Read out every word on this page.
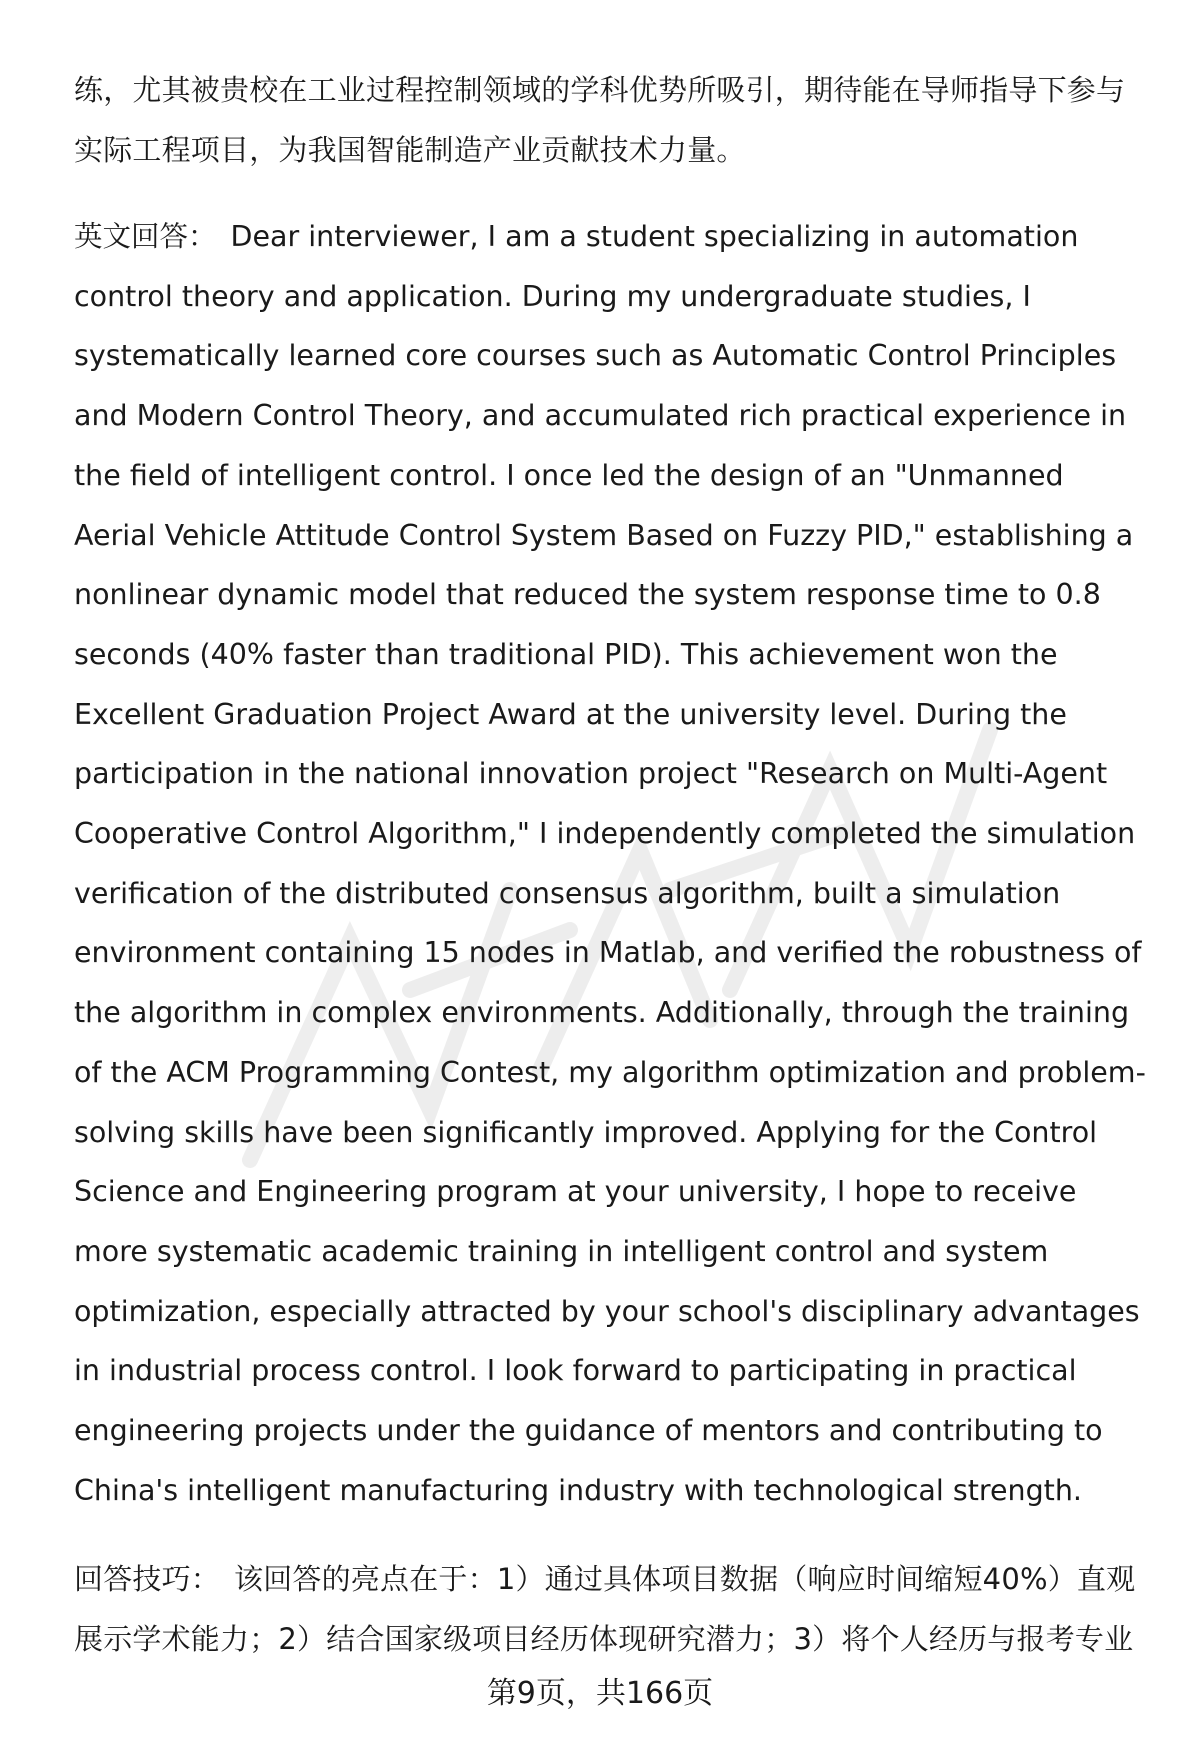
练，尤其被贵校在工业过程控制领域的学科优势所吸引，期待能在导师指导下参与实际工程项目，为我国智能制造产业贡献技术力量。

英文回答： Dear interviewer, I am a student specializing in automation control theory and application. During my undergraduate studies, I systematically learned core courses such as Automatic Control Principles and Modern Control Theory, and accumulated rich practical experience in the field of intelligent control. I once led the design of an "Unmanned Aerial Vehicle Attitude Control System Based on Fuzzy PID," establishing a nonlinear dynamic model that reduced the system response time to 0.8 seconds (40% faster than traditional PID). This achievement won the Excellent Graduation Project Award at the university level. During the participation in the national innovation project "Research on Multi-Agent Cooperative Control Algorithm," I independently completed the simulation verification of the distributed consensus algorithm, built a simulation environment containing 15 nodes in Matlab, and verified the robustness of the algorithm in complex environments. Additionally, through the training of the ACM Programming Contest, my algorithm optimization and problem-solving skills have been significantly improved. Applying for the Control Science and Engineering program at your university, I hope to receive more systematic academic training in intelligent control and system optimization, especially attracted by your school's disciplinary advantages in industrial process control. I look forward to participating in practical engineering projects under the guidance of mentors and contributing to China's intelligent manufacturing industry with technological strength.

回答技巧： 该回答的亮点在于：1）通过具体项目数据（响应时间缩短40%）直观展示学术能力；2）结合国家级项目经历体现研究潜力；3）将个人经历与报考专业

第9页，共166页
